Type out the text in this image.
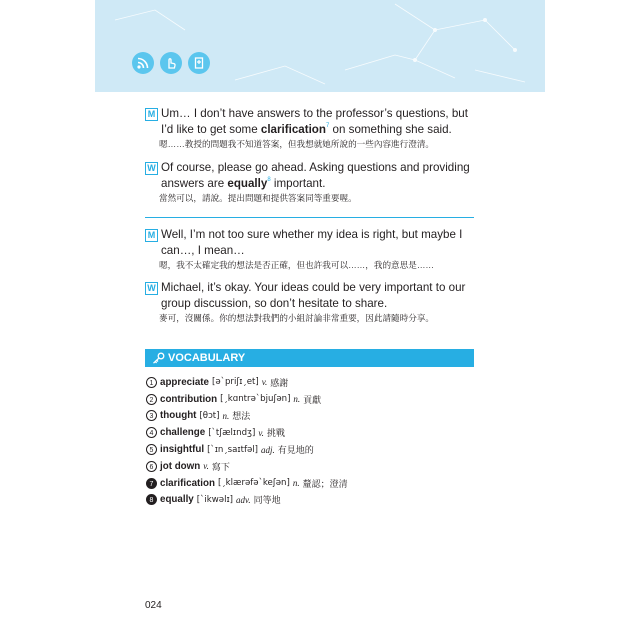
M Um… I don’t have answers to the professor’s questions, but I’d like to get some clarification$^7$ on something she said.
嗯……教授的問題我不知道答案，但我想就她所說的一些內容進行澄清。
W Of course, please go ahead. Asking questions and providing answers are equally$^8$ important.
當然可以，請說。提出問題和提供答案同等重要喔。
M Well, I’m not too sure whether my idea is right, but maybe I can…, I mean…
嗯，我不太確定我的想法是否正確，但也許我可以……，我的意思是……
W Michael, it’s okay. Your ideas could be very important to our group discussion, so don’t hesitate to share.
麥可，沒關係。你的想法對我們的小組討論非常重要，因此請隨時分享。
VOCABULARY
1 appreciate [əˋpriʃɪˏet] v. 感謝
2 contribution [ˏkɑntrəˋbjuʃən] n. 貢獻
3 thought [θɔt] n. 想法
4 challenge [ˋtʃælɪndʒ] v. 挑戰
5 insightful [ˋɪnˏsaɪtfəl] adj. 有見地的
6 jot down v. 寫下
7 clarification [ˏklærəfəˋkeʃən] n. 釐認；澄清
8 equally [ˋikwəlɪ] adv. 同等地
024
